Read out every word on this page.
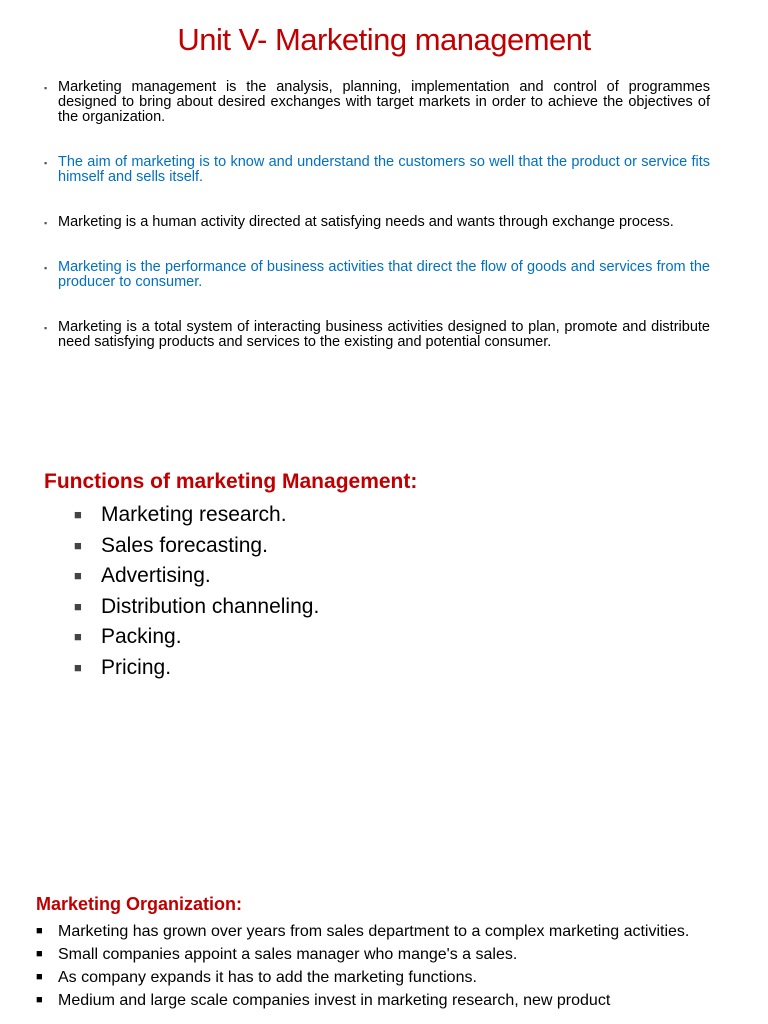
Unit V- Marketing management
▪ Marketing management is the analysis, planning, implementation and control of programmes designed to bring about desired exchanges with target markets in order to achieve the objectives of the organization.
▪ The aim of marketing is to know and understand the customers so well that the product or service fits himself and sells itself.
▪ Marketing is a human activity directed at satisfying needs and wants through exchange process.
▪ Marketing is the performance of business activities that direct the flow of goods and services from the producer to consumer.
▪ Marketing is a total system of interacting business activities designed to plan, promote and distribute need satisfying products and services to the existing and potential consumer.
Functions of marketing Management:
■ Marketing research.
■ Sales forecasting.
■ Advertising.
■ Distribution channeling.
■ Packing.
■ Pricing.
Marketing Organization:
■ Marketing has grown over years from sales department to a complex marketing activities.
■ Small companies appoint a sales manager who mange's a sales.
■ As company expands it has to add the marketing functions.
■ Medium and large scale companies invest in marketing research, new product
